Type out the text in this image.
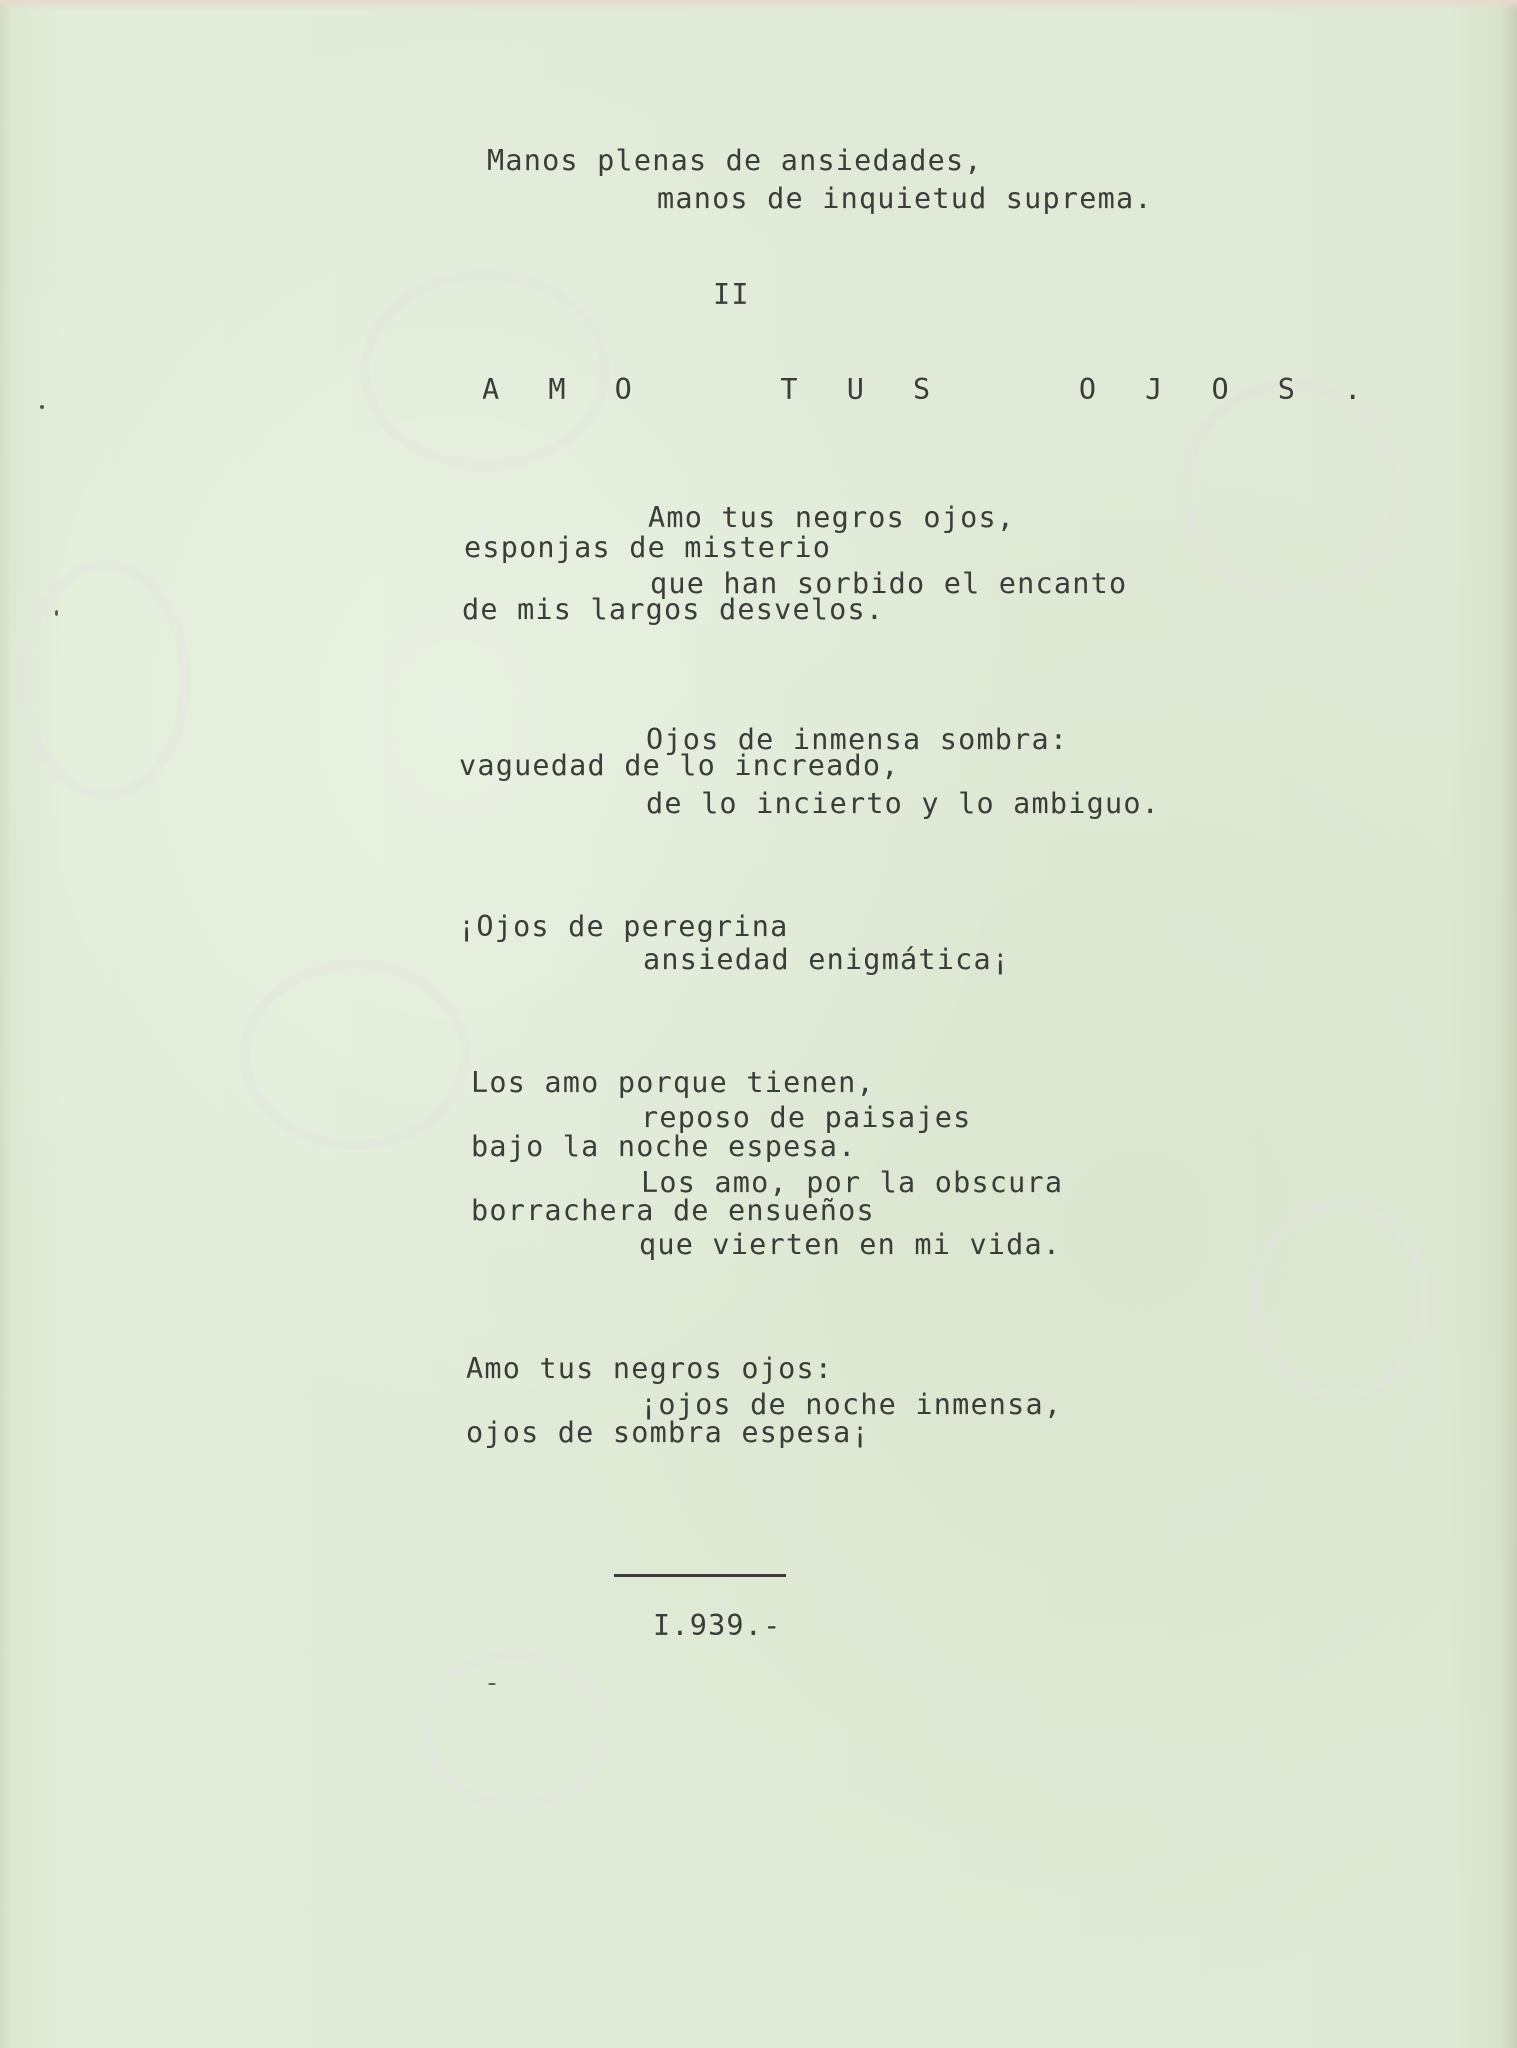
Manos plenas de ansiedades,
manos de inquietud suprema.
II
A M O    T U S    O J O S .
Amo tus negros ojos,
esponjas de misterio
que han sorbido el encanto
de mis largos desvelos.
Ojos de inmensa sombra:
vaguedad de lo increado,
de lo incierto y lo ambiguo.
¡Ojos de peregrina
ansiedad enigmática¡
Los amo porque tienen,
reposo de paisajes
bajo la noche espesa.
Los amo, por la obscura
borrachera de ensueños
que vierten en mi vida.
Amo tus negros ojos:
¡ojos de noche inmensa,
ojos de sombra espesa¡
I.939.-
